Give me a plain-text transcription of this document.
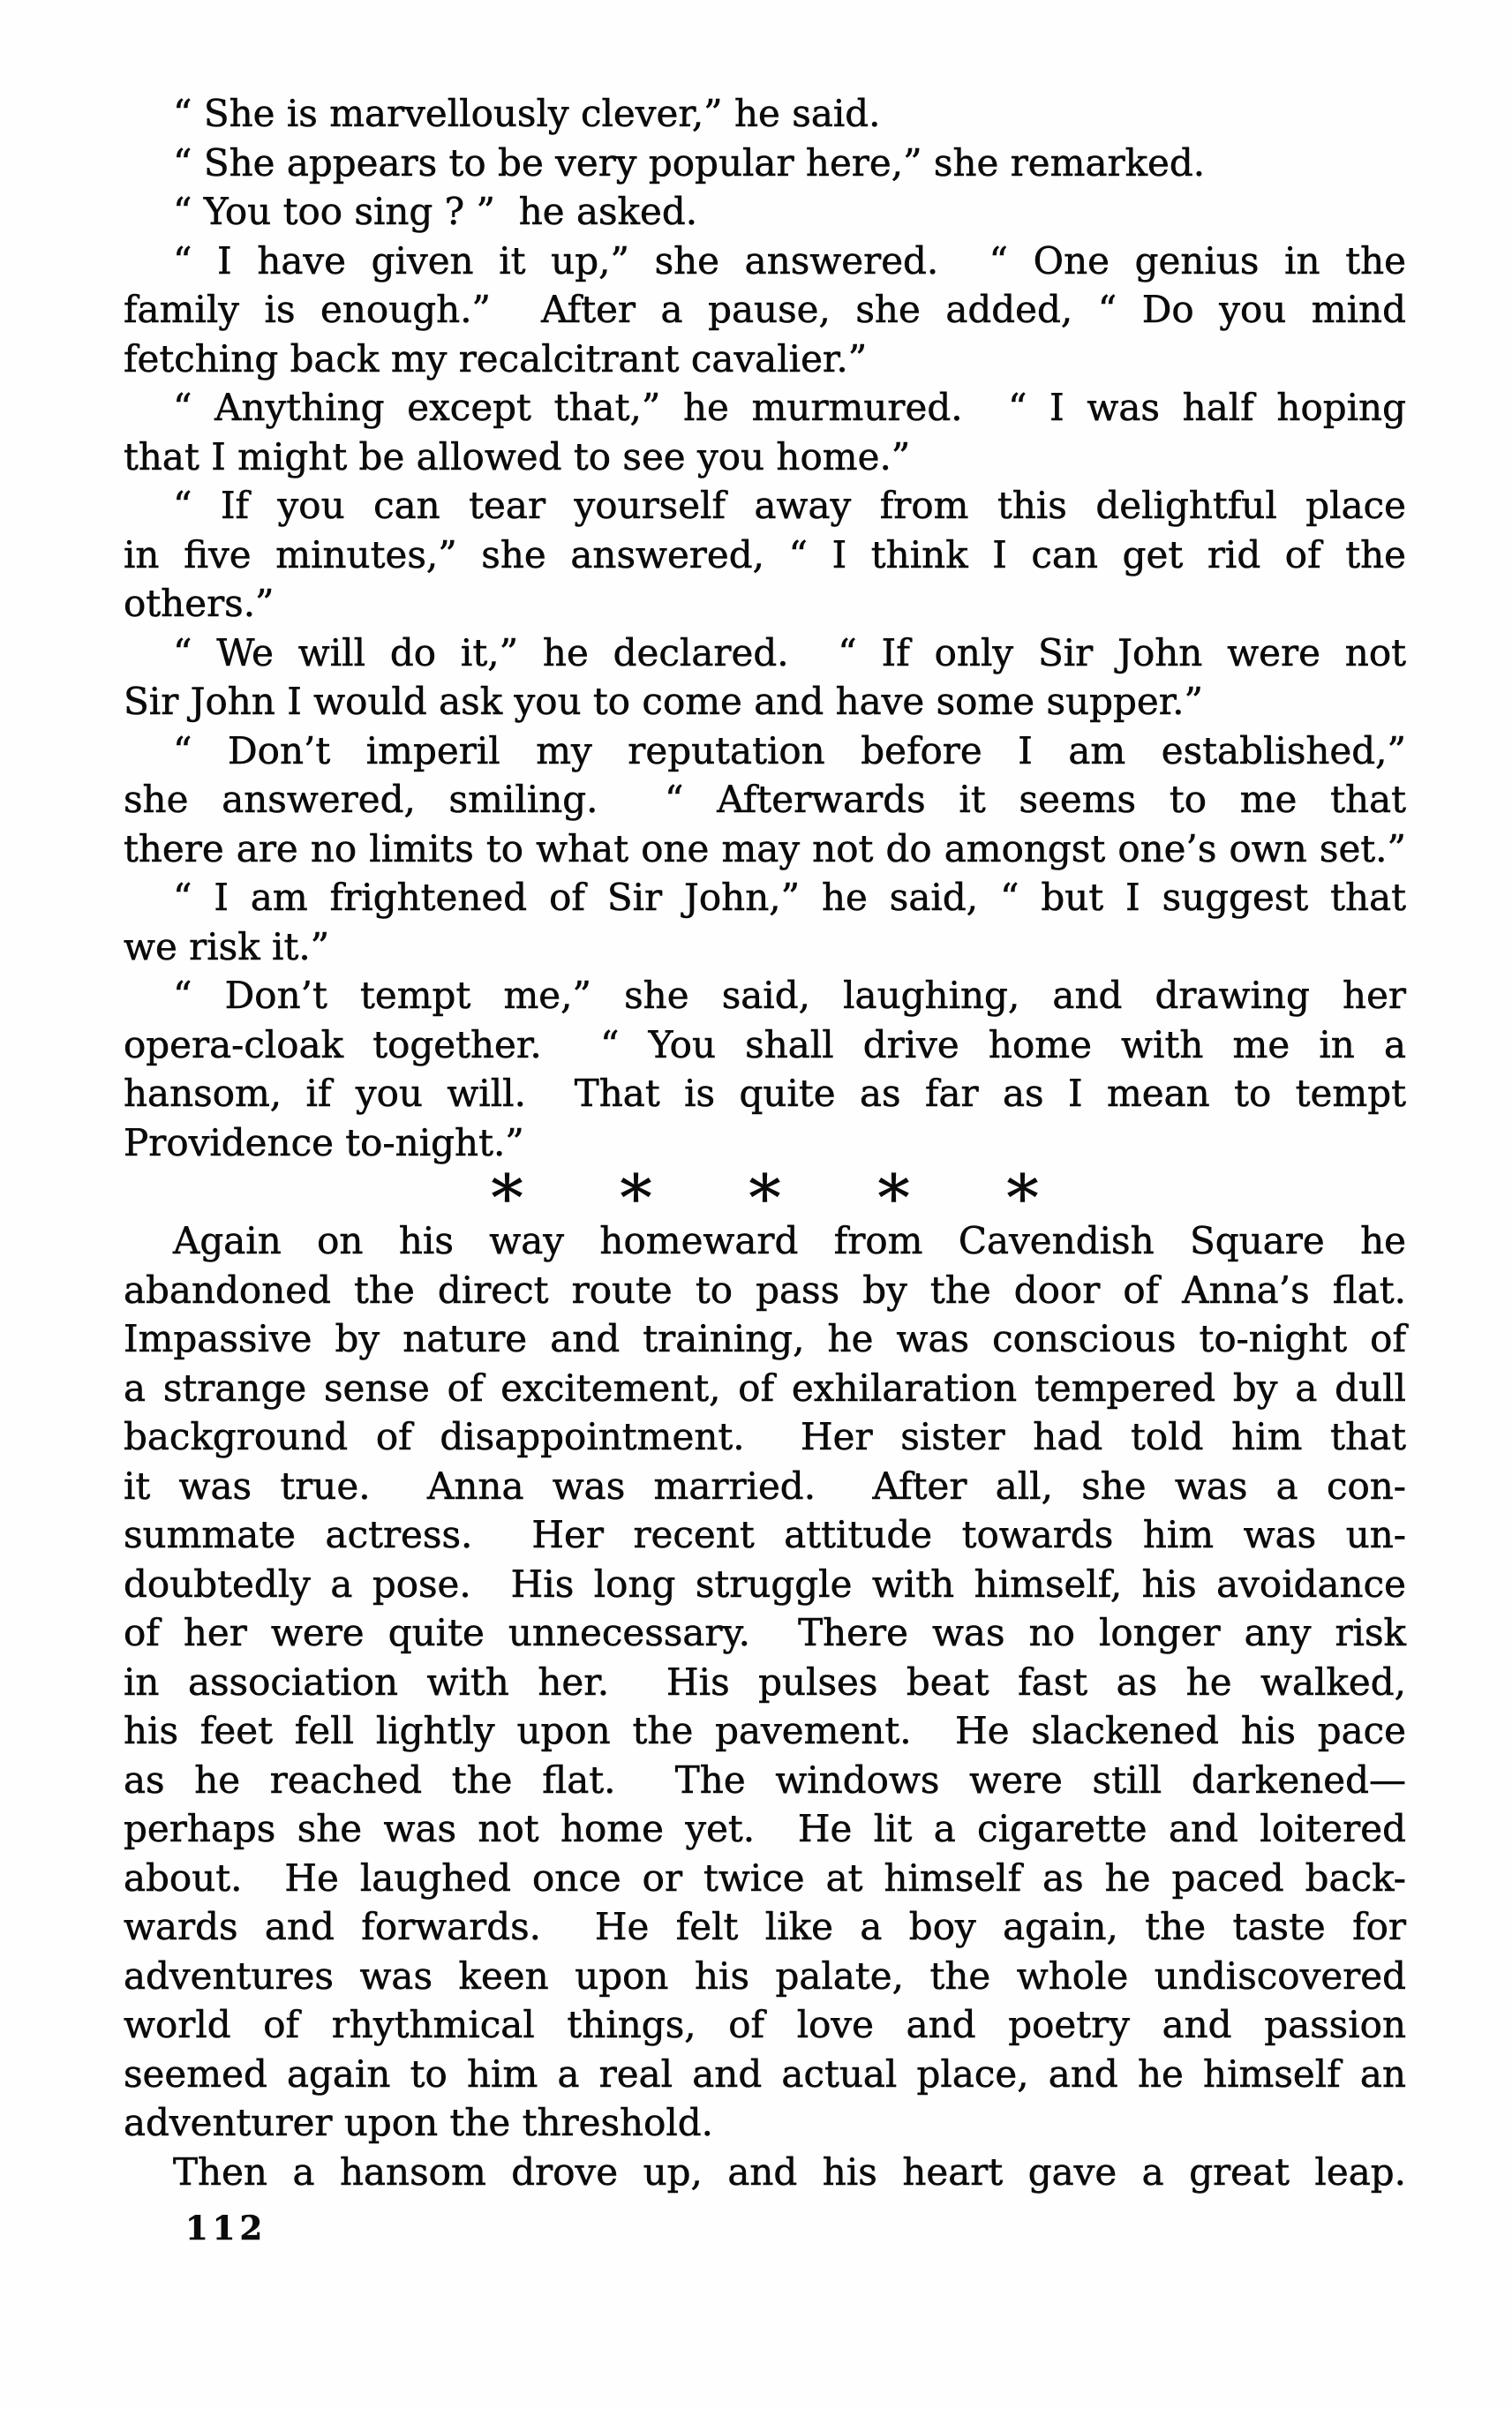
“ She is marvellously clever,” he said.
“ She appears to be very popular here,” she remarked.
“ You too sing ? ”  he asked.
“ I have given it up,” she answered.  “ One genius in the
family is enough.”  After a pause, she added, “ Do you mind
fetching back my recalcitrant cavalier.”
“ Anything except that,” he murmured.  “ I was half hoping
that I might be allowed to see you home.”
“ If you can tear yourself away from this delightful place
in five minutes,” she answered, “ I think I can get rid of the
others.”
“ We will do it,” he declared.  “ If only Sir John were not
Sir John I would ask you to come and have some supper.”
“ Don’t imperil my reputation before I am established,”
she answered, smiling.  “ Afterwards it seems to me that
there are no limits to what one may not do amongst one’s own set.”
“ I am frightened of Sir John,” he said, “ but I suggest that
we risk it.”
“ Don’t tempt me,” she said, laughing, and drawing her
opera-cloak together.  “ You shall drive home with me in a
hansom, if you will.  That is quite as far as I mean to tempt
Providence to-night.”
* * * * *
Again on his way homeward from Cavendish Square he
abandoned the direct route to pass by the door of Anna’s flat.
Impassive by nature and training, he was conscious to-night of
a strange sense of excitement, of exhilaration tempered by a dull
background of disappointment.  Her sister had told him that
it was true.  Anna was married.  After all, she was a con-
summate actress.  Her recent attitude towards him was un-
doubtedly a pose.  His long struggle with himself, his avoidance
of her were quite unnecessary.  There was no longer any risk
in association with her.  His pulses beat fast as he walked,
his feet fell lightly upon the pavement.  He slackened his pace
as he reached the flat.  The windows were still darkened—
perhaps she was not home yet.  He lit a cigarette and loitered
about.  He laughed once or twice at himself as he paced back-
wards and forwards.  He felt like a boy again, the taste for
adventures was keen upon his palate, the whole undiscovered
world of rhythmical things, of love and poetry and passion
seemed again to him a real and actual place, and he himself an
adventurer upon the threshold.
Then a hansom drove up, and his heart gave a great leap.
112
